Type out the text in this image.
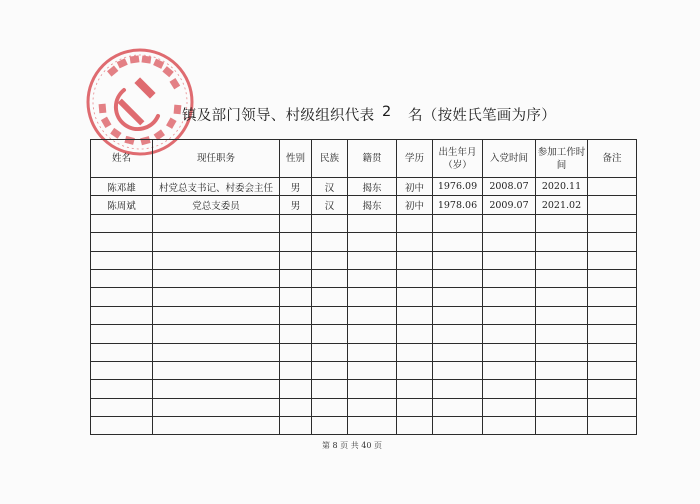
镇及部门领导、村级组织代表 2 名（按姓氏笔画为序）
姓名	现任职务	性别	民族	籍贯	学历	出生年月（岁）	入党时间	参加工作时间	备注
陈邓雄	村党总支书记、村委会主任	男	汉	揭东	初中	1976.09	2008.07	2020.11	
陈周斌	党总支委员	男	汉	揭东	初中	1978.06	2009.07	2021.02	

第 8 页 共 40 页
